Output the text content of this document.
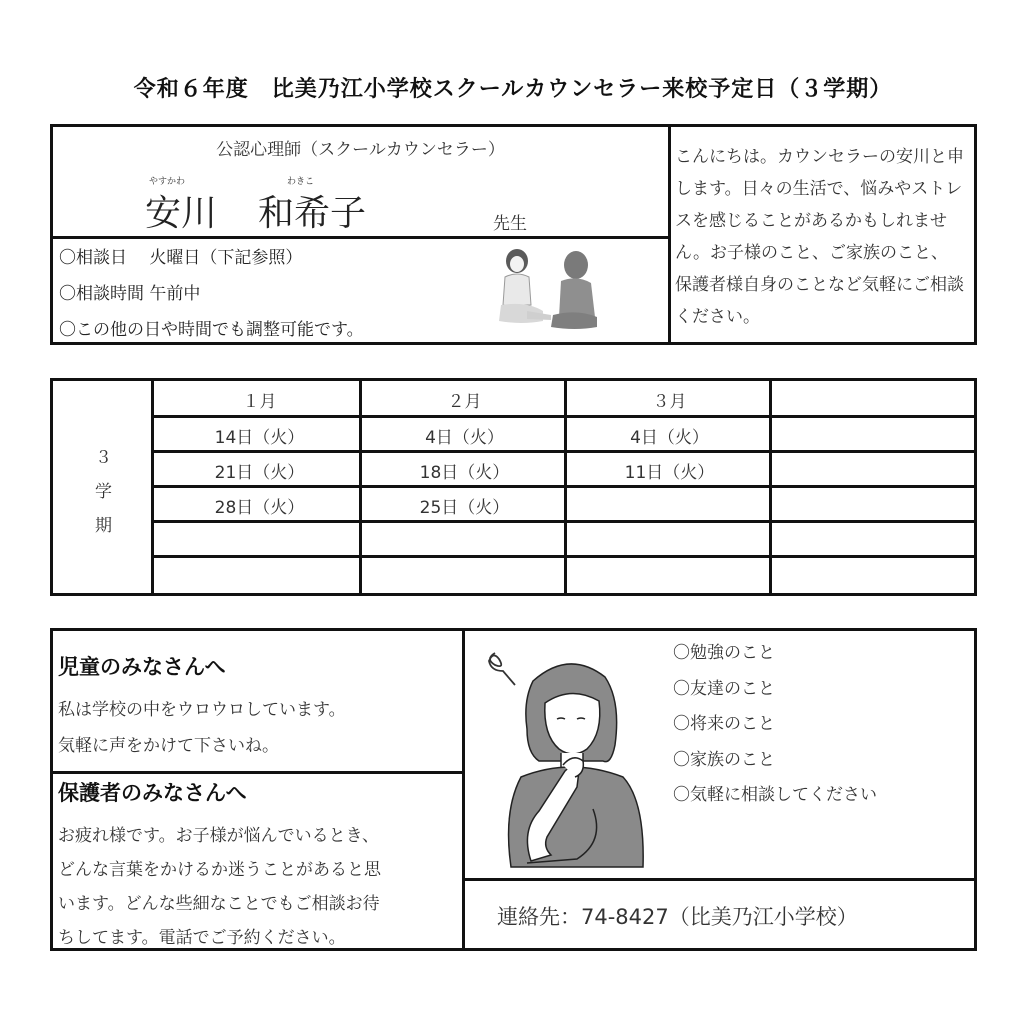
令和６年度　比美乃江小学校スクールカウンセラー来校予定日（３学期）
公認心理師（スクールカウンセラー）
やすかわ	わきこ
安川 和希子	先生
〇相談日　 火曜日（下記参照）
〇相談時間 午前中
〇この他の日や時間でも調整可能です。
こんにちは。カウンセラーの安川と申します。日々の生活で、悩みやストレスを感じることがあるかもしれません。お子様のこと、ご家族のこと、保護者様自身のことなど気軽にご相談ください。
３
学
期
１月	２月	３月
14日（火）	4日（火）	4日（火）
21日（火）	18日（火）	11日（火）
28日（火）	25日（火）
児童のみなさんへ
私は学校の中をウロウロしています。
気軽に声をかけて下さいね。
保護者のみなさんへ
お疲れ様です。お子様が悩んでいるとき、
どんな言葉をかけるか迷うことがあると思
います。どんな些細なことでもご相談お待
ちしてます。電話でご予約ください。
〇勉強のこと
〇友達のこと
〇将来のこと
〇家族のこと
〇気軽に相談してください
連絡先：74-8427（比美乃江小学校）
